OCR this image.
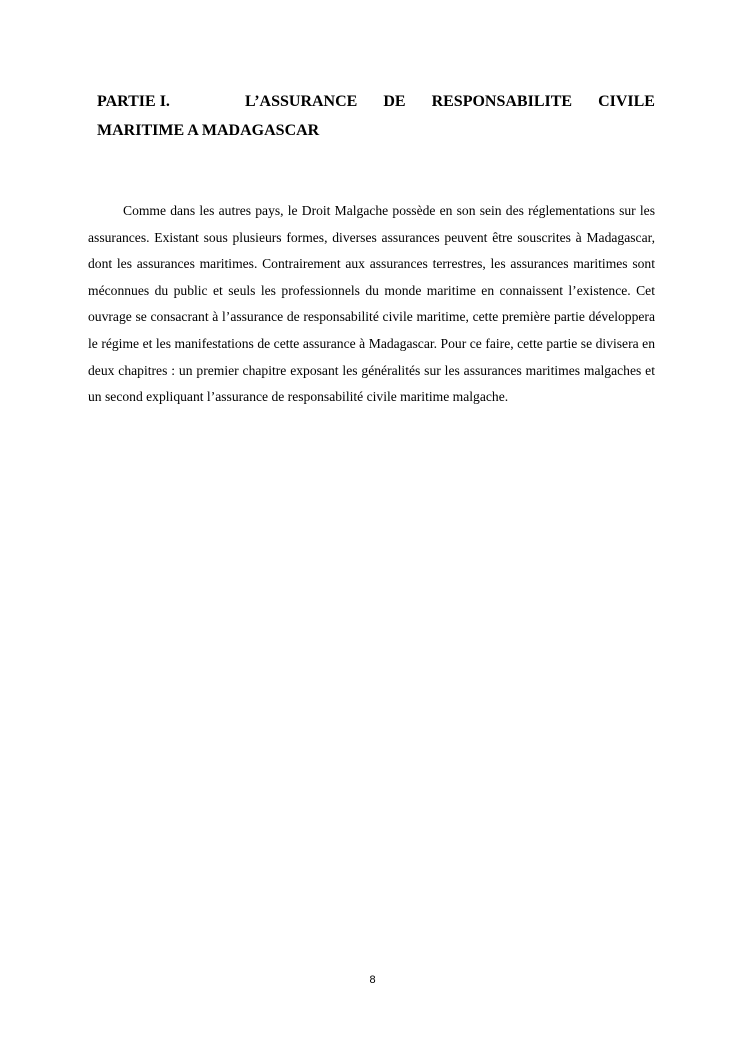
PARTIE I.	L’ASSURANCE DE RESPONSABILITE CIVILE
MARITIME A MADAGASCAR

Comme dans les autres pays, le Droit Malgache possède en son sein des réglementations sur les assurances. Existant sous plusieurs formes, diverses assurances peuvent être souscrites à Madagascar, dont les assurances maritimes. Contrairement aux assurances terrestres, les assurances maritimes sont méconnues du public et seuls les professionnels du monde maritime en connaissent l’existence. Cet ouvrage se consacrant à l’assurance de responsabilité civile maritime, cette première partie développera le régime et les manifestations de cette assurance à Madagascar. Pour ce faire, cette partie se divisera en deux chapitres : un premier chapitre exposant les généralités sur les assurances maritimes malgaches et un second expliquant l’assurance de responsabilité civile maritime malgache.

8
